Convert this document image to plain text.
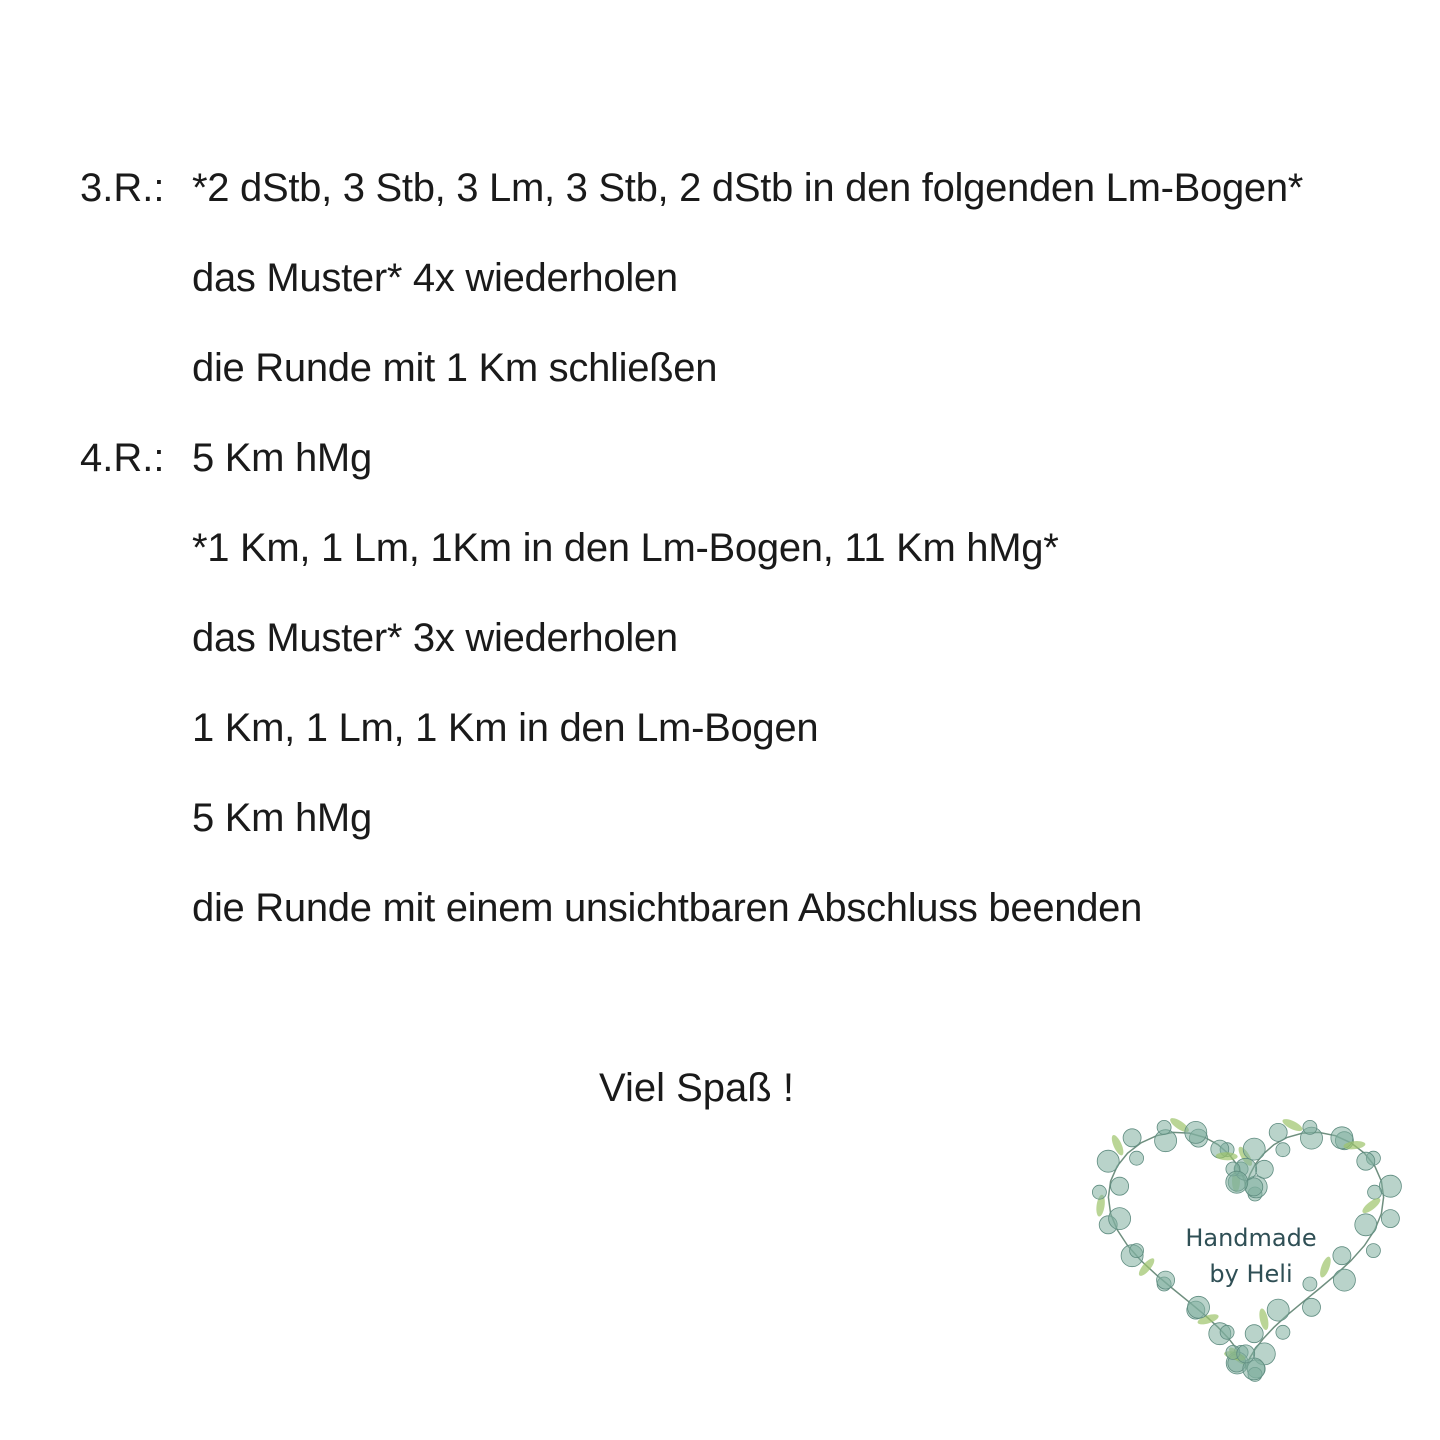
3.R.: *2 dStb, 3 Stb, 3 Lm, 3 Stb, 2 dStb in den folgenden Lm-Bogen*
das Muster* 4x wiederholen
die Runde mit 1 Km schließen
4.R.: 5 Km hMg
*1 Km, 1 Lm, 1Km in den Lm-Bogen, 11 Km hMg*
das Muster* 3x wiederholen
1 Km, 1 Lm, 1 Km in den Lm-Bogen
5 Km hMg
die Runde mit einem unsichtbaren Abschluss beenden
Viel Spaß !
Handmade
by Heli
